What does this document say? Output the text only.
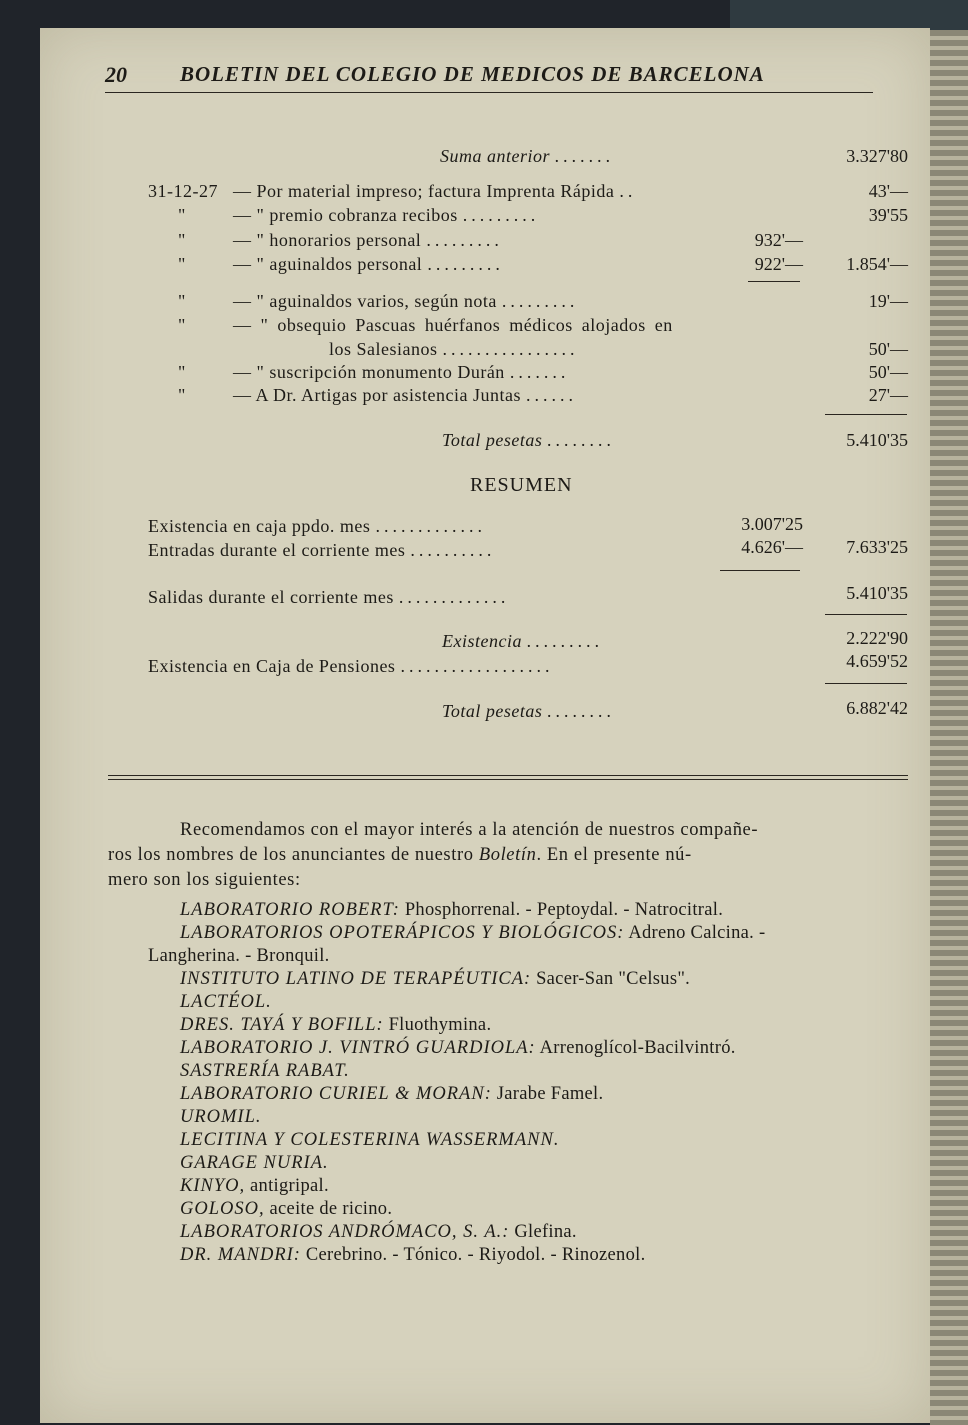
20	BOLETIN DEL COLEGIO DE MEDICOS DE BARCELONA
Suma anterior .......	3.327'80
31-12-27 — Por material impreso; factura Imprenta Rápida ..	43'—
"	— " premio cobranza recibos .........	39'55
"	— " honorarios personal .........	932'—
"	— " aguinaldos personal .........	922'— 1.854'—
"	— " aguinaldos varios, según nota .........	19'—
"	— " obsequio Pascuas huérfanos médicos alojados en
los Salesianos ................	50'—
"	— " suscripción monumento Durán .......	50'—
"	— A Dr. Artigas por asistencia Juntas ......	27'—
Total pesetas ........	5.410'35
RESUMEN
Existencia en caja ppdo. mes .............	3.007'25
Entradas durante el corriente mes ..........	4.626'— 7.633'25
Salidas durante el corriente mes .............	5.410'35
Existencia .........	2.222'90
Existencia en Caja de Pensiones ..................	4.659'52
Total pesetas ........	6.882'42
Recomendamos con el mayor interés a la atención de nuestros compañe-
ros los nombres de los anunciantes de nuestro Boletín. En el presente nú-
mero son los siguientes:
LABORATORIO ROBERT: Phosphorrenal. - Peptoydal. - Natrocitral.
LABORATORIOS OPOTERÁPICOS Y BIOLÓGICOS: Adreno Calcina. -
Langherina. - Bronquil.
INSTITUTO LATINO DE TERAPÉUTICA: Sacer-San "Celsus".
LACTÉOL.
DRES. TAYÁ Y BOFILL: Fluothymina.
LABORATORIO J. VINTRÓ GUARDIOLA: Arrenoglícol-Bacilvintró.
SASTRERÍA RABAT.
LABORATORIO CURIEL & MORAN: Jarabe Famel.
UROMIL.
LECITINA Y COLESTERINA WASSERMANN.
GARAGE NURIA.
KINYO, antigripal.
GOLOSO, aceite de ricino.
LABORATORIOS ANDRÓMACO, S. A.: Glefina.
DR. MANDRI: Cerebrino. - Tónico. - Riyodol. - Rinozenol.
